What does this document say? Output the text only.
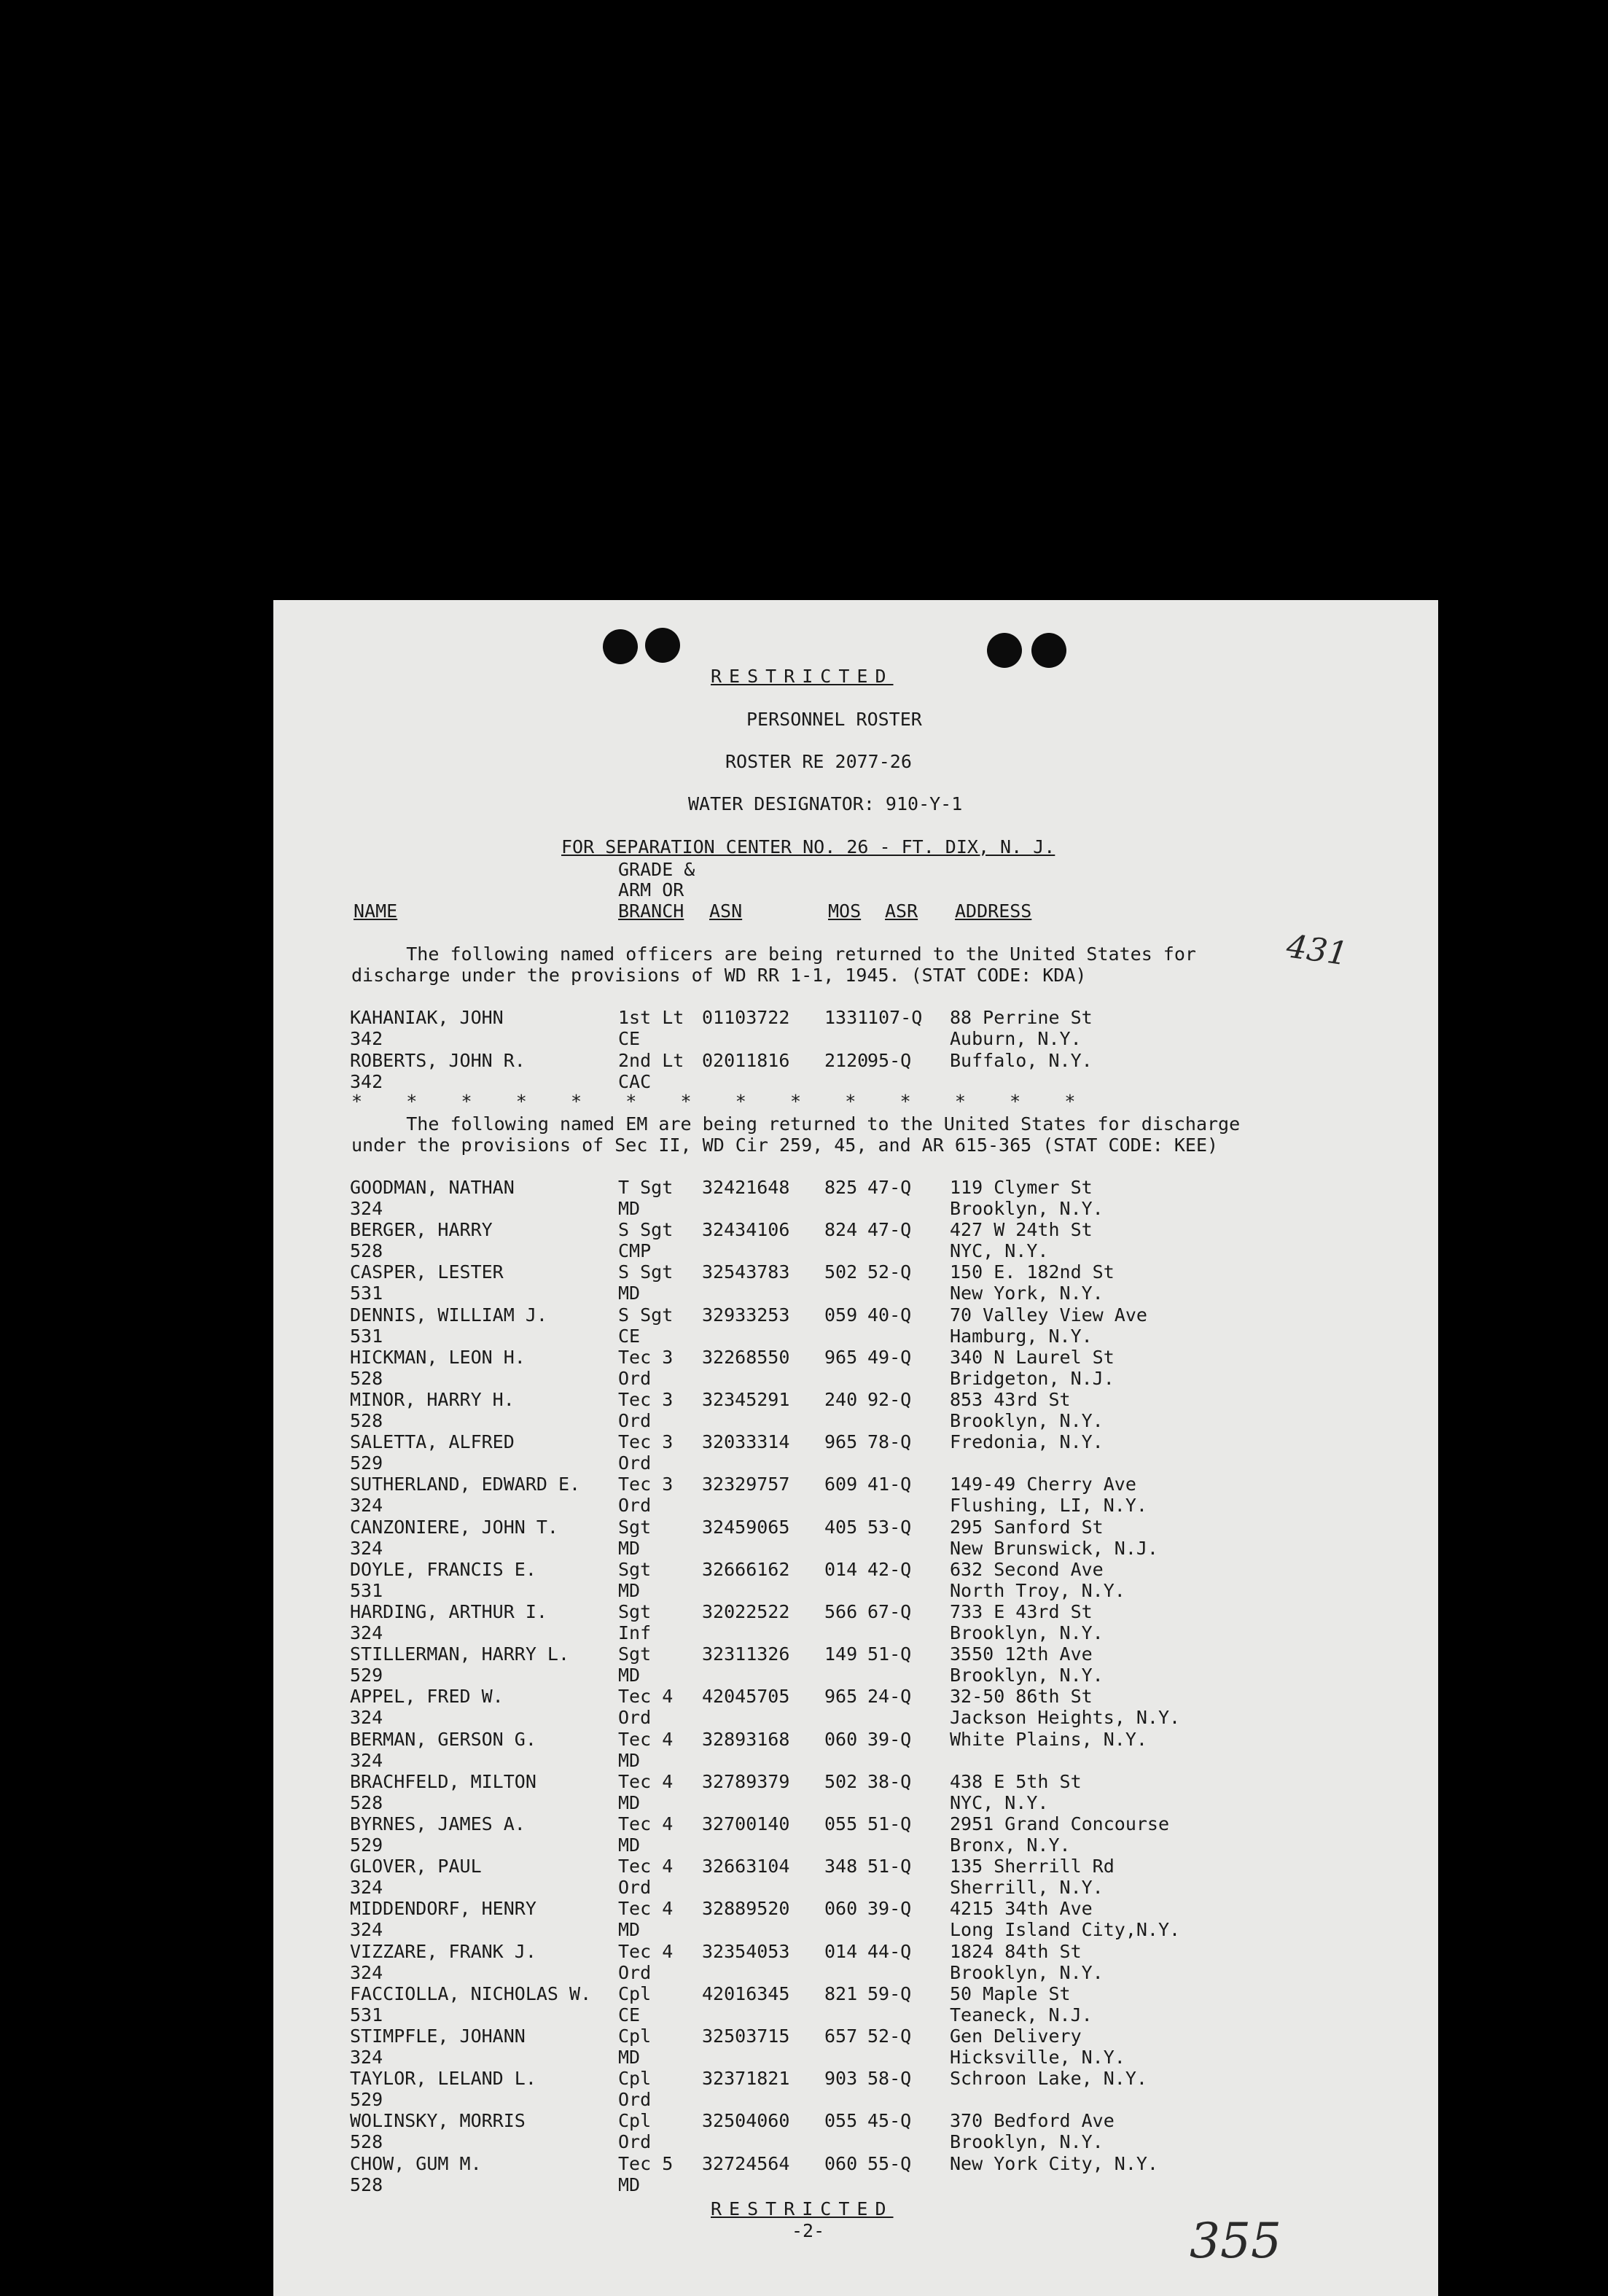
RESTRICTED
PERSONNEL ROSTER
ROSTER RE 2077-26
WATER DESIGNATOR: 910-Y-1
FOR SEPARATION CENTER NO. 26 - FT. DIX, N. J.
NAME
GRADE &
ARM OR
BRANCH ASN	MOS ASR ADDRESS
The following named officers are being returned to the United States for
discharge under the provisions of WD RR 1-1, 1945. (STAT CODE: KDA)
KAHANIAK, JOHN
342
1st Lt
CE
01103722 1331
107-Q 88 Perrine St
Auburn, N.Y.
ROBERTS, JOHN R.
342
2nd Lt
CAC
02011816 2120
95-Q Buffalo, N.Y.
*    *    *    *    *    *    *    *    *    *    *    *    *    *
The following named EM are being returned to the United States for discharge
under the provisions of Sec II, WD Cir 259, 45, and AR 615-365 (STAT CODE: KEE)
GOODMAN, NATHAN
324
T Sgt
MD
32421648 825 47-Q 119 Clymer St
Brooklyn, N.Y.
BERGER, HARRY
528
S Sgt
CMP
32434106 824 47-Q 427 W 24th St
NYC, N.Y.
CASPER, LESTER
531
S Sgt
MD
32543783 502 52-Q 150 E. 182nd St
New York, N.Y.
DENNIS, WILLIAM J.
531
S Sgt
CE
32933253 059 40-Q 70 Valley View Ave
Hamburg, N.Y.
HICKMAN, LEON H.
528
Tec 3
Ord
32268550 965 49-Q 340 N Laurel St
Bridgeton, N.J.
MINOR, HARRY H.
528
Tec 3
Ord
32345291 240 92-Q 853 43rd St
Brooklyn, N.Y.
SALETTA, ALFRED
529
Tec 3
Ord
32033314 965 78-Q Fredonia, N.Y.
SUTHERLAND, EDWARD E.
324
Tec 3
Ord
32329757 609 41-Q 149-49 Cherry Ave
Flushing, LI, N.Y.
CANZONIERE, JOHN T.
324
Sgt
MD
32459065 405 53-Q 295 Sanford St
New Brunswick, N.J.
DOYLE, FRANCIS E.
531
Sgt
MD
32666162 014 42-Q 632 Second Ave
North Troy, N.Y.
HARDING, ARTHUR I.
324
Sgt
Inf
32022522 566 67-Q 733 E 43rd St
Brooklyn, N.Y.
STILLERMAN, HARRY L.
529
Sgt
MD
32311326 149 51-Q 3550 12th Ave
Brooklyn, N.Y.
APPEL, FRED W.
324
Tec 4
Ord
42045705 965 24-Q 32-50 86th St
Jackson Heights, N.Y.
BERMAN, GERSON G.
324
Tec 4
MD
32893168 060 39-Q White Plains, N.Y.
BRACHFELD, MILTON
528
Tec 4
MD
32789379 502 38-Q 438 E 5th St
NYC, N.Y.
BYRNES, JAMES A.
529
Tec 4
MD
32700140 055 51-Q 2951 Grand Concourse
Bronx, N.Y.
GLOVER, PAUL
324
Tec 4
Ord
32663104 348 51-Q 135 Sherrill Rd
Sherrill, N.Y.
MIDDENDORF, HENRY
324
Tec 4
MD
32889520 060 39-Q 4215 34th Ave
Long Island City,N.Y.
VIZZARE, FRANK J.
324
Tec 4
Ord
32354053 014 44-Q 1824 84th St
Brooklyn, N.Y.
FACCIOLLA, NICHOLAS W.
531
Cpl
CE
42016345 821 59-Q 50 Maple St
Teaneck, N.J.
STIMPFLE, JOHANN
324
Cpl
MD
32503715 657 52-Q Gen Delivery
Hicksville, N.Y.
TAYLOR, LELAND L.
529
Cpl
Ord
32371821 903 58-Q Schroon Lake, N.Y.
WOLINSKY, MORRIS
528
Cpl
Ord
32504060 055 45-Q 370 Bedford Ave
Brooklyn, N.Y.
CHOW, GUM M.
528
Tec 5
MD
32724564 060 55-Q New York City, N.Y.
RESTRICTED
-2-
431
355
